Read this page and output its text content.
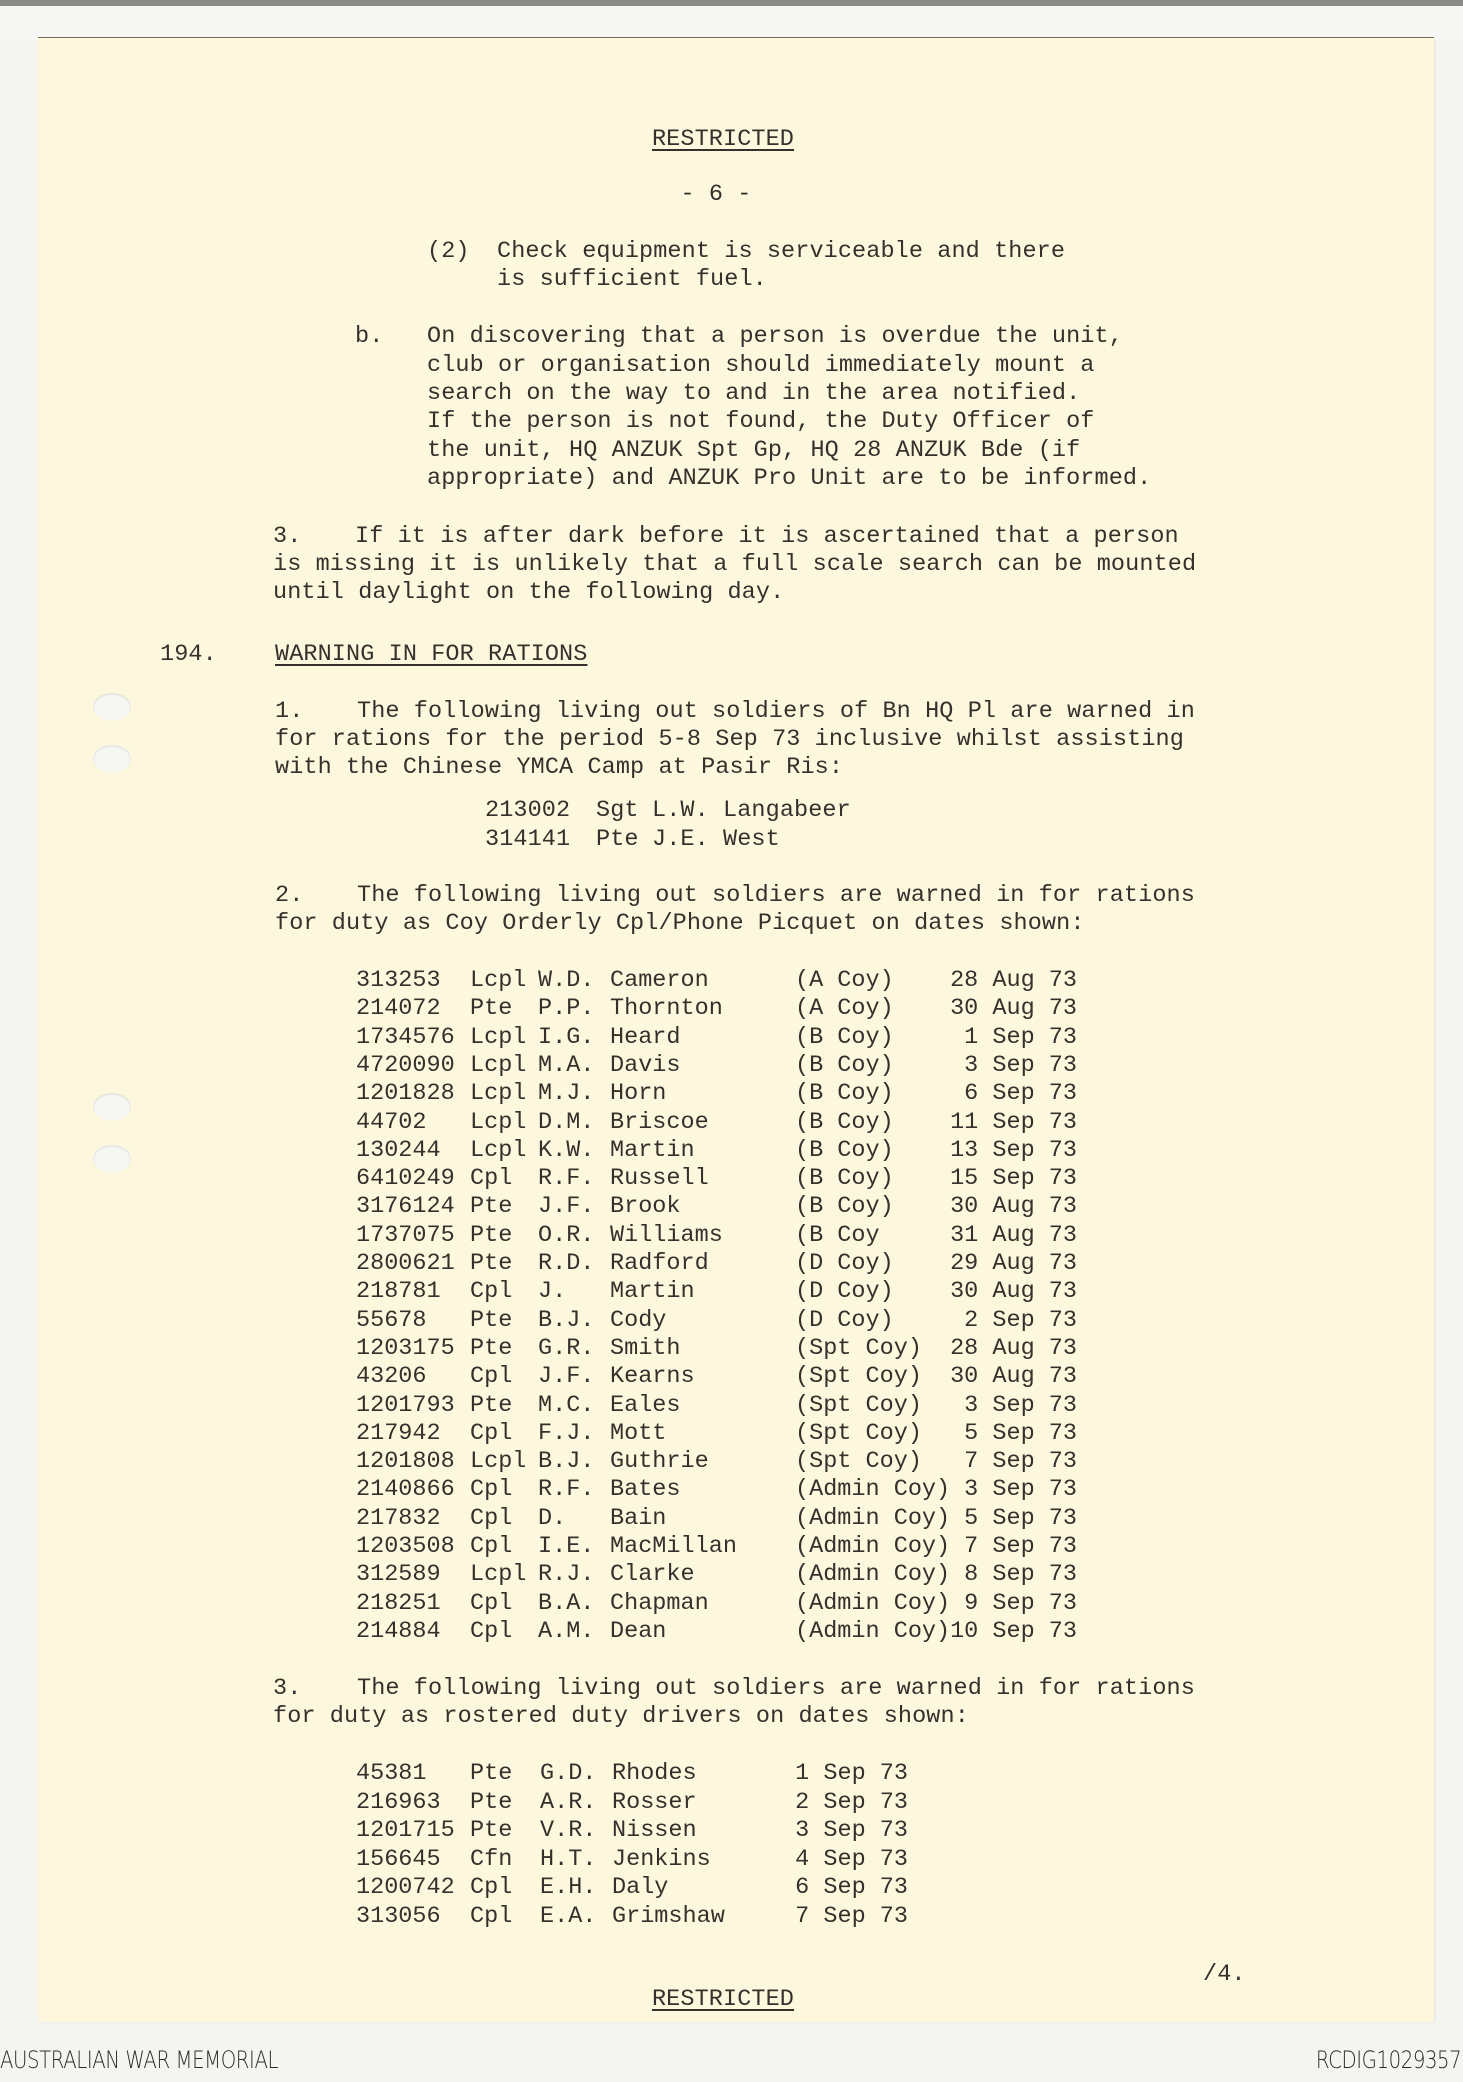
RESTRICTED
- 6 -
(2) Check equipment is serviceable and there
is sufficient fuel.
b. On discovering that a person is overdue the unit,
club or organisation should immediately mount a
search on the way to and in the area notified.
If the person is not found, the Duty Officer of
the unit, HQ ANZUK Spt Gp, HQ 28 ANZUK Bde (if
appropriate) and ANZUK Pro Unit are to be informed.
3. If it is after dark before it is ascertained that a person
is missing it is unlikely that a full scale search can be mounted
until daylight on the following day.
194. WARNING IN FOR RATIONS
1. The following living out soldiers of Bn HQ Pl are warned in
for rations for the period 5-8 Sep 73 inclusive whilst assisting
with the Chinese YMCA Camp at Pasir Ris:
213002 Sgt L.W. Langabeer
314141 Pte J.E. West
2. The following living out soldiers are warned in for rations
for duty as Coy Orderly Cpl/Phone Picquet on dates shown:
313253 Lcpl W.D. Cameron	(A Coy) 28 Aug 73
214072 Pte P.P. Thornton	(A Coy) 30 Aug 73
1734576 Lcpl I.G. Heard	(B Coy)	1 Sep 73
4720090 Lcpl M.A. Davis	(B Coy)	3 Sep 73
1201828 Lcpl M.J. Horn	(B Coy)	6 Sep 73
44702 Lcpl D.M. Briscoe	(B Coy) 11 Sep 73
130244 Lcpl K.W. Martin	(B Coy) 13 Sep 73
6410249 Cpl R.F. Russell	(B Coy) 15 Sep 73
3176124 Pte J.F. Brook	(B Coy) 30 Aug 73
1737075 Pte O.R. Williams	(B Coy	31 Aug 73
2800621 Pte R.D. Radford	(D Coy) 29 Aug 73
218781 Cpl J. Martin	(D Coy) 30 Aug 73
55678 Pte B.J. Cody	(D Coy)	2 Sep 73
1203175 Pte G.R. Smith	(Spt Coy) 28 Aug 73
43206 Cpl J.F. Kearns	(Spt Coy) 30 Aug 73
1201793 Pte M.C. Eales	(Spt Coy) 3 Sep 73
217942 Cpl F.J. Mott	(Spt Coy) 5 Sep 73
1201808 Lcpl B.J. Guthrie	(Spt Coy) 7 Sep 73
2140866 Cpl R.F. Bates	(Admin Coy) 3 Sep 73
217832 Cpl D. Bain	(Admin Coy) 5 Sep 73
1203508 Cpl I.E. MacMillan (Admin Coy) 7 Sep 73
312589 Lcpl R.J. Clarke	(Admin Coy) 8 Sep 73
218251 Cpl B.A. Chapman	(Admin Coy) 9 Sep 73
214884 Cpl A.M. Dean	(Admin Coy) 10 Sep 73
3. The following living out soldiers are warned in for rations
for duty as rostered duty drivers on dates shown:
45381 Pte G.D. Rhodes	1 Sep 73
216963 Pte A.R. Rosser	2 Sep 73
1201715 Pte V.R. Nissen	3 Sep 73
156645 Cfn H.T. Jenkins	4 Sep 73
1200742 Cpl E.H. Daly	6 Sep 73
313056 Cpl E.A. Grimshaw	7 Sep 73
/4.
RESTRICTED
AUSTRALIAN WAR MEMORIAL	RCDIG1029357
